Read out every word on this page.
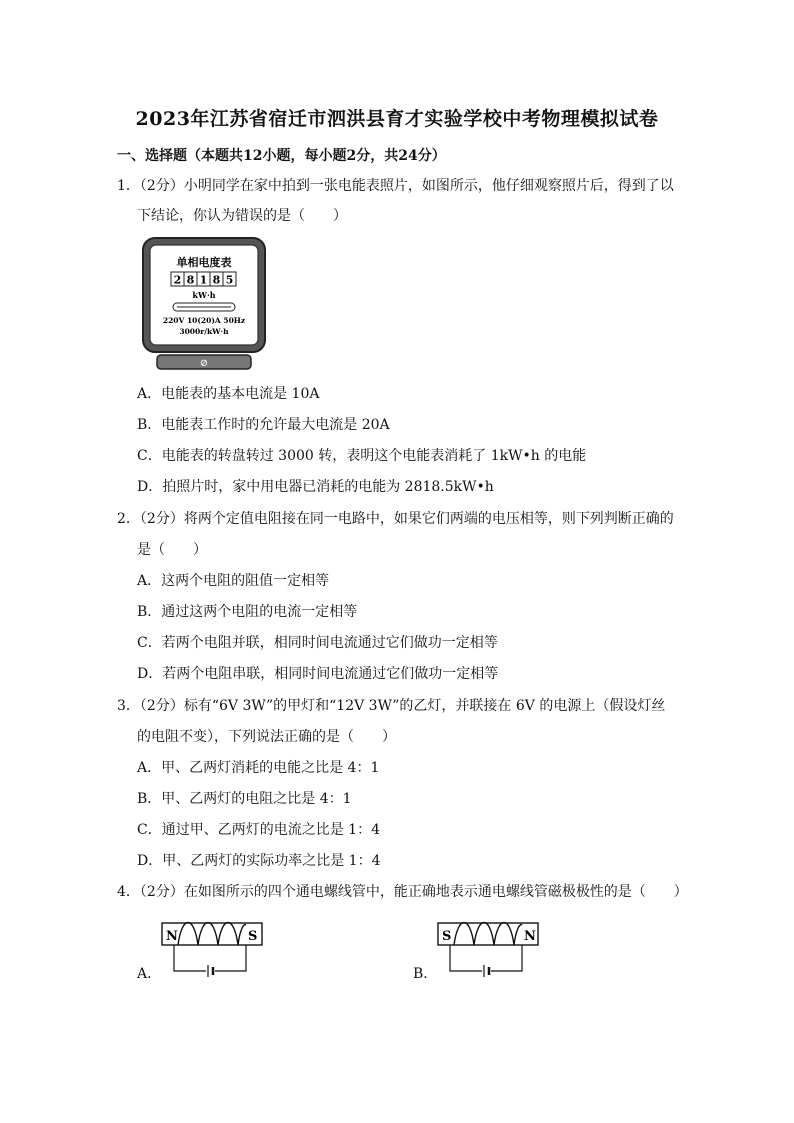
2023年江苏省宿迁市泗洪县育才实验学校中考物理模拟试卷
一、选择题（本题共12小题，每小题2分，共24分）
1．（2分）小明同学在家中拍到一张电能表照片，如图所示，他仔细观察照片后，得到了以
下结论，你认为错误的是（　　）
单相电度表
2 8 1 8 5
kW·h
220V 10(20)A 50Hz
3000r/kW·h
⊘
A．电能表的基本电流是 10A
B．电能表工作时的允许最大电流是 20A
C．电能表的转盘转过 3000 转，表明这个电能表消耗了 1kW•h 的电能
D．拍照片时，家中用电器已消耗的电能为 2818.5kW•h
2．（2分）将两个定值电阻接在同一电路中，如果它们两端的电压相等，则下列判断正确的
是（　　）
A．这两个电阻的阻值一定相等
B．通过这两个电阻的电流一定相等
C．若两个电阻并联，相同时间电流通过它们做功一定相等
D．若两个电阻串联，相同时间电流通过它们做功一定相等
3．（2分）标有“6V 3W”的甲灯和“12V 3W”的乙灯，并联接在 6V 的电源上（假设灯丝
的电阻不变），下列说法正确的是（　　）
A．甲、乙两灯消耗的电能之比是 4：1
B．甲、乙两灯的电阻之比是 4：1
C．通过甲、乙两灯的电流之比是 1：4
D．甲、乙两灯的实际功率之比是 1：4
4．（2分）在如图所示的四个通电螺线管中，能正确地表示通电螺线管磁极极性的是（　　）
A．
N	S
B．
S	N
